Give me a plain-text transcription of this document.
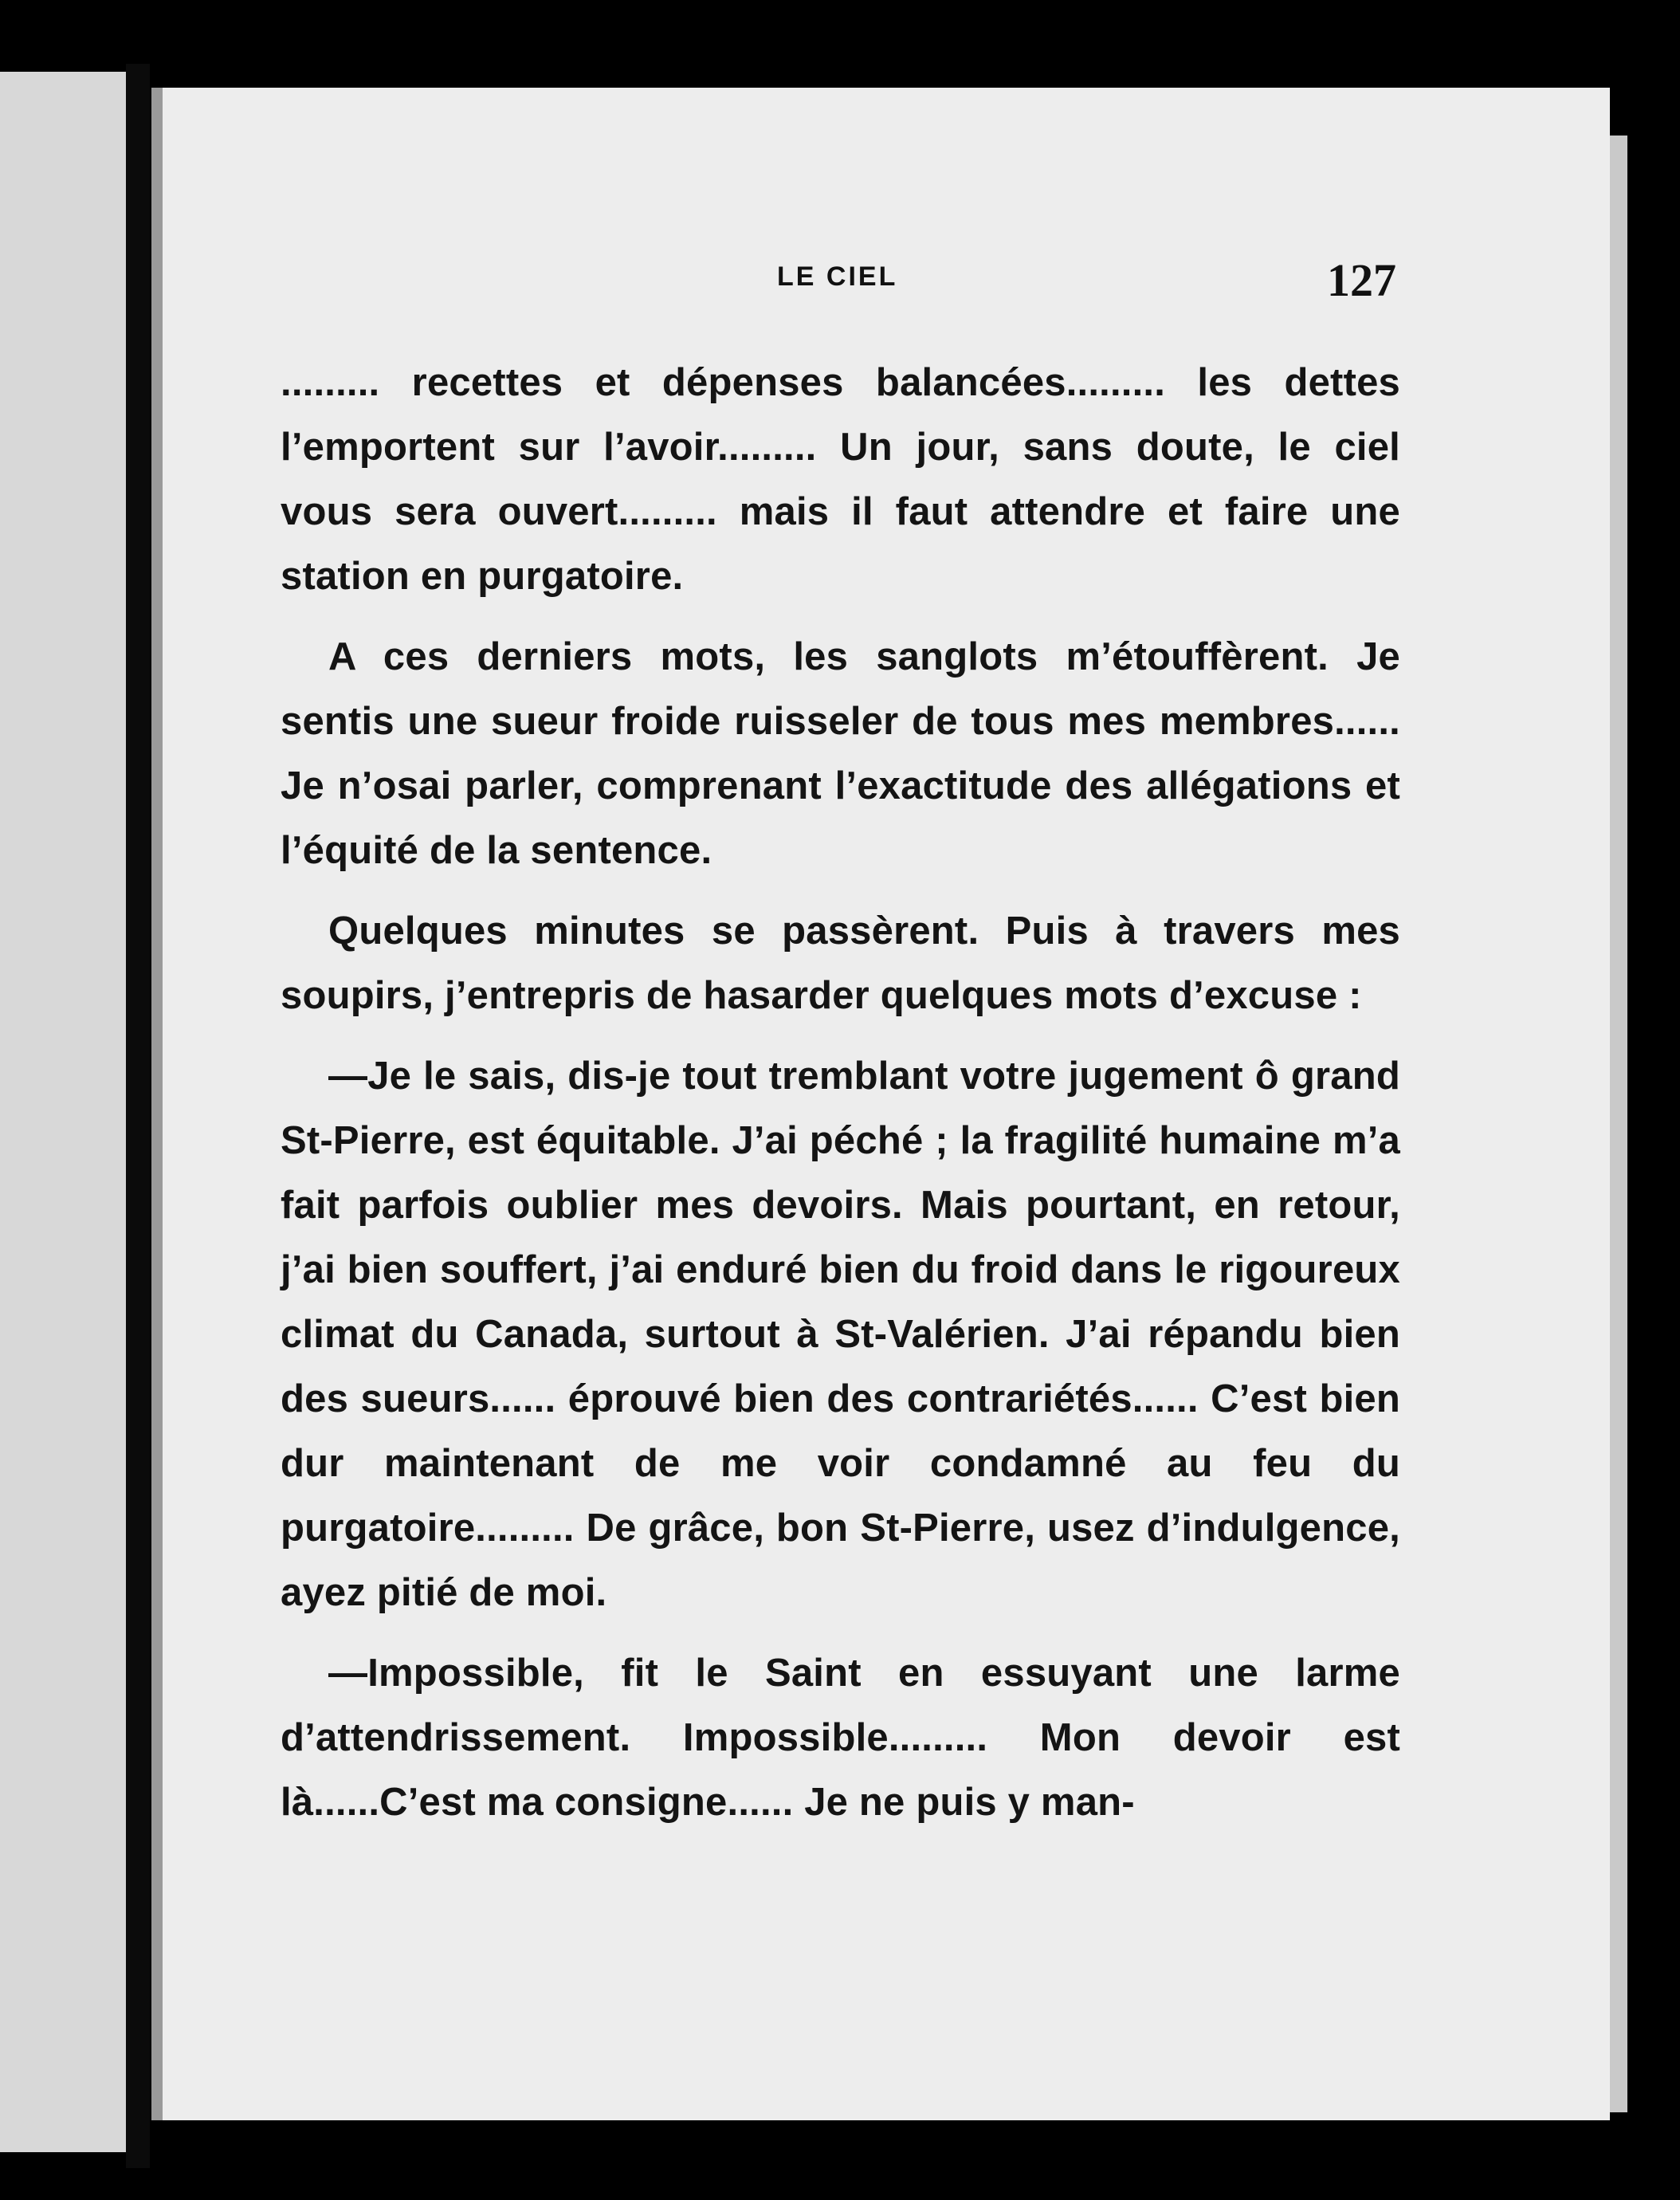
LE CIEL	127

......... recettes et dépenses balancées......... les dettes l’emportent sur l’avoir......... Un jour, sans doute, le ciel vous sera ouvert......... mais il faut attendre et faire une station en purgatoire.

A ces derniers mots, les sanglots m’étouffèrent. Je sentis une sueur froide ruisseler de tous mes membres...... Je n’osai parler, comprenant l’exactitude des allégations et l’équité de la sentence.

Quelques minutes se passèrent. Puis à travers mes soupirs, j’entrepris de hasarder quelques mots d’excuse :

—Je le sais, dis-je tout tremblant votre jugement ô grand St-Pierre, est équitable. J’ai péché ; la fragilité humaine m’a fait parfois oublier mes devoirs. Mais pourtant, en retour, j’ai bien souffert, j’ai enduré bien du froid dans le rigoureux climat du Canada, surtout à St-Valérien. J’ai répandu bien des sueurs...... éprouvé bien des contrariétés...... C’est bien dur maintenant de me voir condamné au feu du purgatoire......... De grâce, bon St-Pierre, usez d’indulgence, ayez pitié de moi.

—Impossible, fit le Saint en essuyant une larme d’attendrissement. Impossible......... Mon devoir est là......C’est ma consigne...... Je ne puis y man-
